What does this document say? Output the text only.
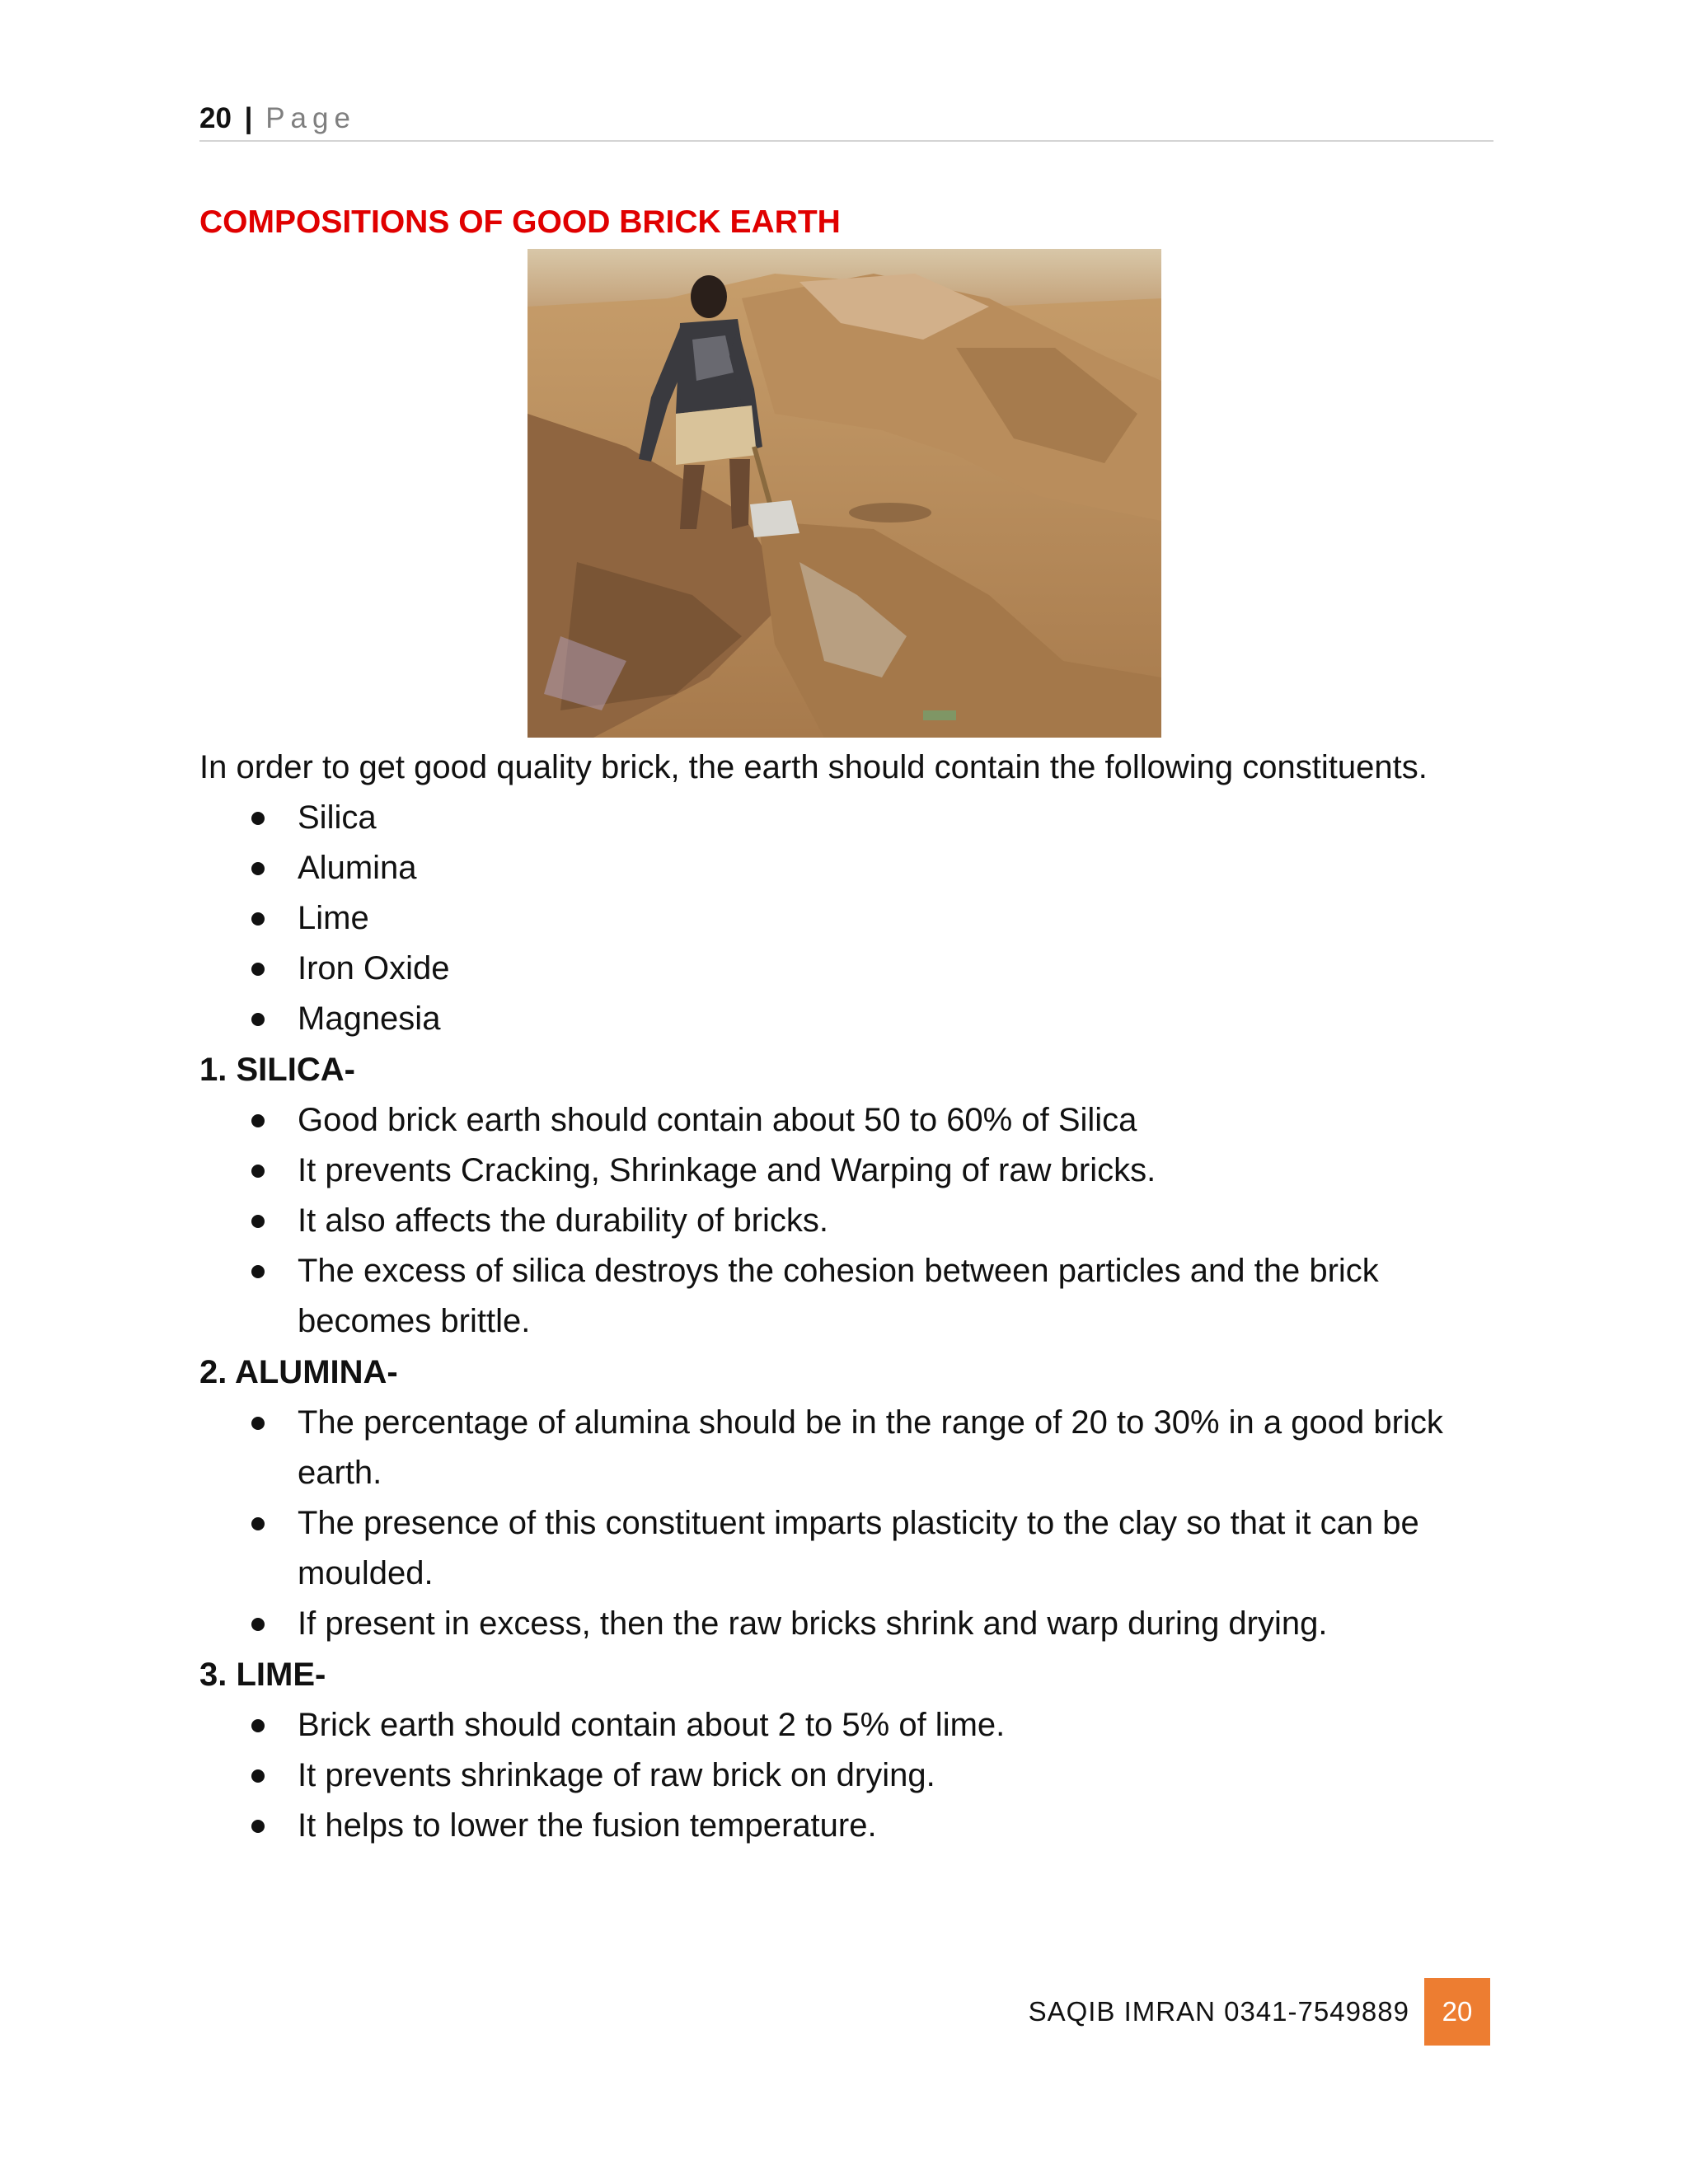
20 | Page
COMPOSITIONS OF GOOD BRICK EARTH

In order to get good quality brick, the earth should contain the following constituents.

Silica
Alumina
Lime
Iron Oxide
Magnesia
1. SILICA-
Good brick earth should contain about 50 to 60% of Silica
It prevents Cracking, Shrinkage and Warping of raw bricks.
It also affects the durability of bricks.
The excess of silica destroys the cohesion between particles and the brick becomes brittle.
2. ALUMINA-
The percentage of alumina should be in the range of 20 to 30% in a good brick earth.
The presence of this constituent imparts plasticity to the clay so that it can be moulded.
If present in excess, then the raw bricks shrink and warp during drying.
3. LIME-
Brick earth should contain about 2 to 5% of lime.
It prevents shrinkage of raw brick on drying.
It helps to lower the fusion temperature.
SAQIB IMRAN 0341-7549889	20
